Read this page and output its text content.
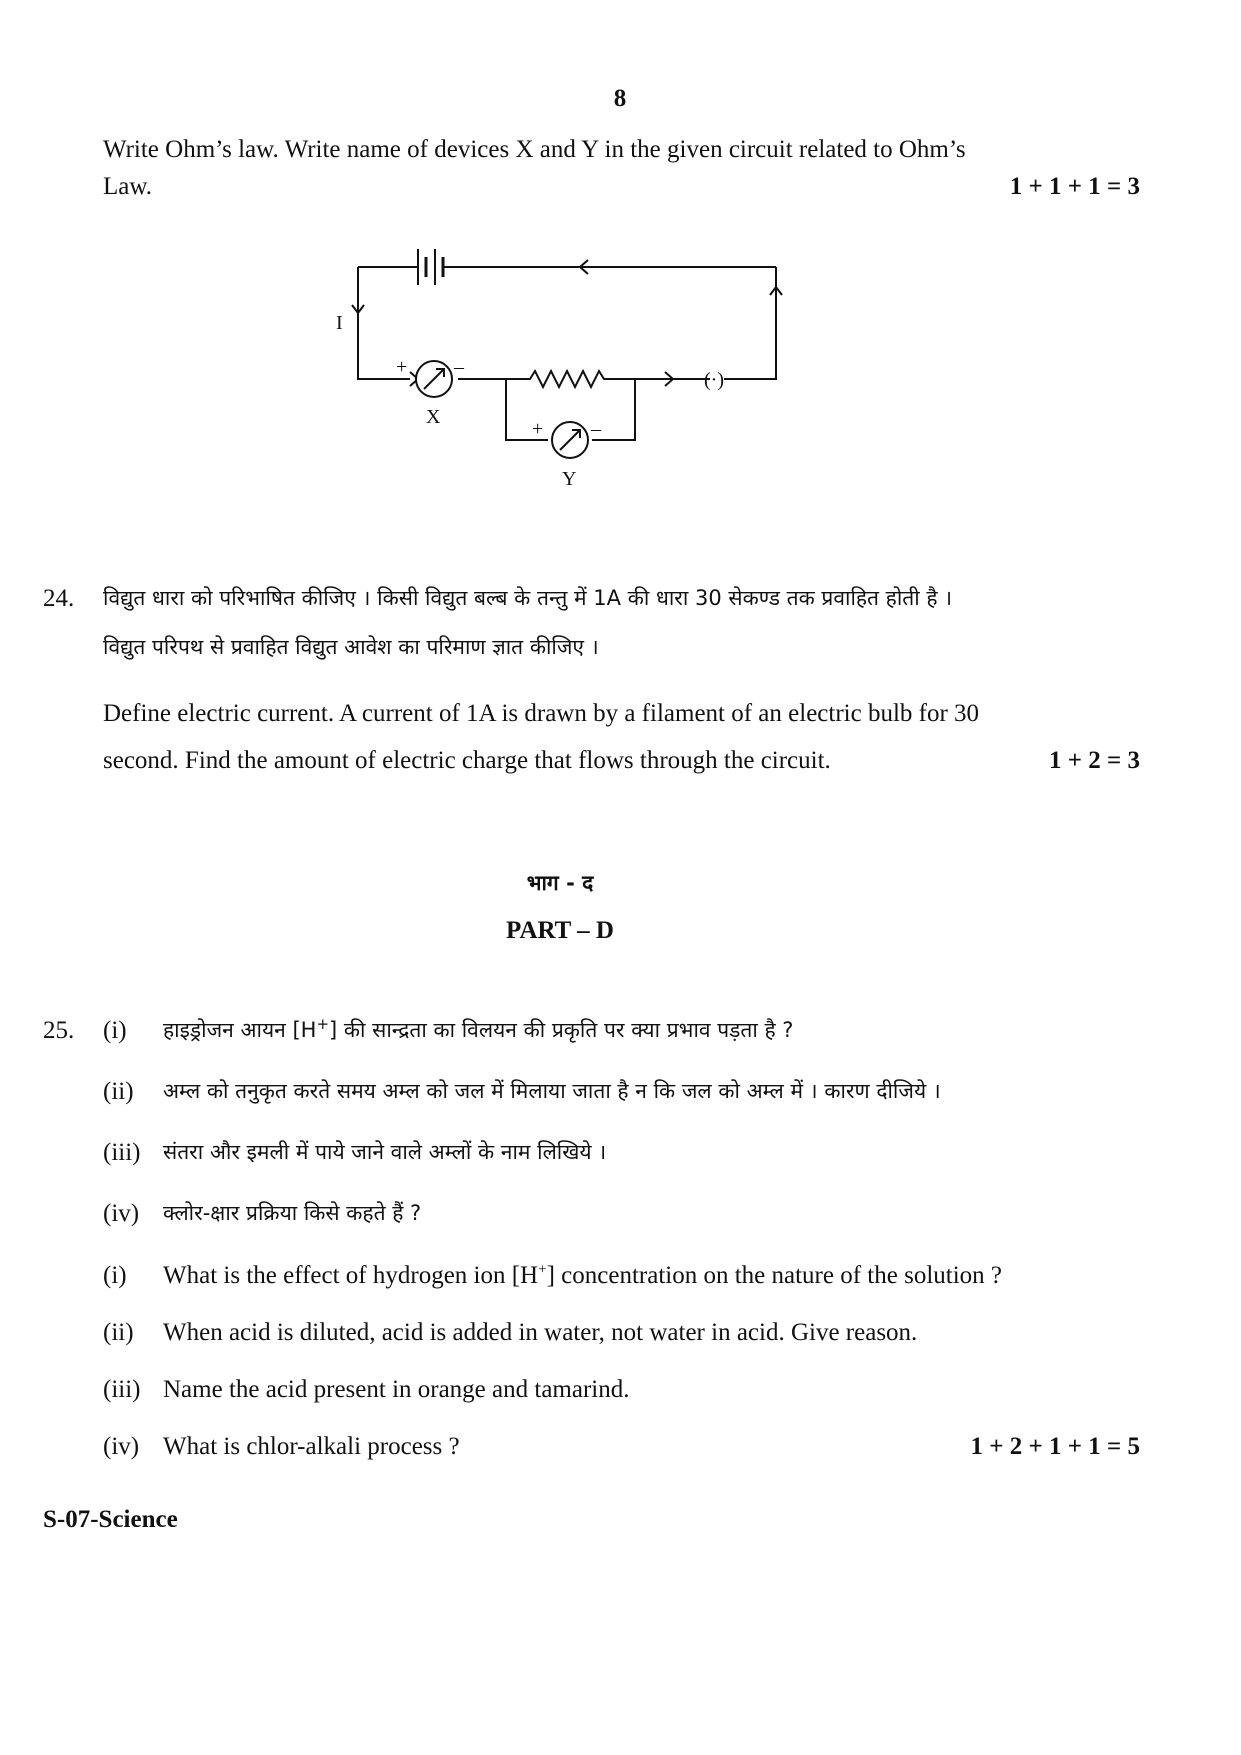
8
Write Ohm’s law. Write name of devices X and Y in the given circuit related to Ohm’s
Law.	1 + 1 + 1 = 3
I
+ –
X
+ –
Y
(·)
24. विद्युत धारा को परिभाषित कीजिए । किसी विद्युत बल्ब के तन्तु में 1A की धारा 30 सेकण्ड तक प्रवाहित होती है ।
विद्युत परिपथ से प्रवाहित विद्युत आवेश का परिमाण ज्ञात कीजिए ।
Define electric current. A current of 1A is drawn by a filament of an electric bulb for 30
second. Find the amount of electric charge that flows through the circuit.	1 + 2 = 3
भाग - द
PART – D
25. (i) हाइड्रोजन आयन [H+] की सान्द्रता का विलयन की प्रकृति पर क्या प्रभाव पड़ता है ?
(ii) अम्ल को तनुकृत करते समय अम्ल को जल में मिलाया जाता है न कि जल को अम्ल में । कारण दीजिये ।
(iii) संतरा और इमली में पाये जाने वाले अम्लों के नाम लिखिये ।
(iv) क्लोर-क्षार प्रक्रिया किसे कहते हैं ?
(i) What is the effect of hydrogen ion [H+] concentration on the nature of the solution ?
(ii) When acid is diluted, acid is added in water, not water in acid. Give reason.
(iii) Name the acid present in orange and tamarind.
(iv) What is chlor-alkali process ?	1 + 2 + 1 + 1 = 5
S-07-Science
